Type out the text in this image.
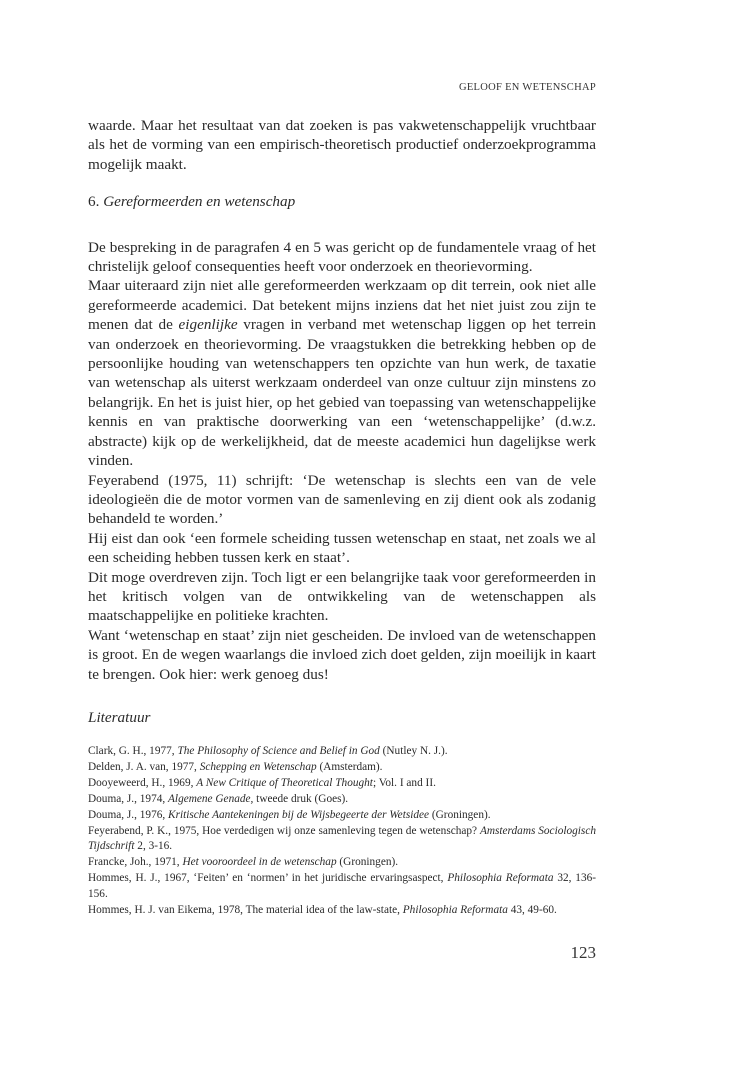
GELOOF EN WETENSCHAP

waarde. Maar het resultaat van dat zoeken is pas vakwetenschappelijk vruchtbaar als het de vorming van een empirisch-theoretisch productief onderzoekprogramma mogelijk maakt.

6. Gereformeerden en wetenschap

De bespreking in de paragrafen 4 en 5 was gericht op de fundamentele vraag of het christelijk geloof consequenties heeft voor onderzoek en theorievorming.

Maar uiteraard zijn niet alle gereformeerden werkzaam op dit terrein, ook niet alle gereformeerde academici. Dat betekent mijns inziens dat het niet juist zou zijn te menen dat de eigenlijke vragen in verband met wetenschap liggen op het terrein van onderzoek en theorievorming. De vraagstukken die betrekking hebben op de persoonlijke houding van wetenschappers ten opzichte van hun werk, de taxatie van wetenschap als uiterst werkzaam onderdeel van onze cultuur zijn minstens zo belangrijk. En het is juist hier, op het gebied van toepassing van wetenschappelijke kennis en van praktische doorwerking van een ‘wetenschappelijke’ (d.w.z. abstracte) kijk op de werkelijkheid, dat de meeste academici hun dagelijkse werk vinden.

Feyerabend (1975, 11) schrijft: ‘De wetenschap is slechts een van de vele ideologieën die de motor vormen van de samenleving en zij dient ook als zodanig behandeld te worden.’

Hij eist dan ook ‘een formele scheiding tussen wetenschap en staat, net zoals we al een scheiding hebben tussen kerk en staat’.

Dit moge overdreven zijn. Toch ligt er een belangrijke taak voor gereformeerden in het kritisch volgen van de ontwikkeling van de wetenschappen als maatschappelijke en politieke krachten.

Want ‘wetenschap en staat’ zijn niet gescheiden. De invloed van de wetenschappen is groot. En de wegen waarlangs die invloed zich doet gelden, zijn moeilijk in kaart te brengen. Ook hier: werk genoeg dus!

Literatuur

Clark, G. H., 1977, The Philosophy of Science and Belief in God (Nutley N. J.).

Delden, J. A. van, 1977, Schepping en Wetenschap (Amsterdam).

Dooyeweerd, H., 1969, A New Critique of Theoretical Thought; Vol. I and II.

Douma, J., 1974, Algemene Genade, tweede druk (Goes).

Douma, J., 1976, Kritische Aantekeningen bij de Wijsbegeerte der Wetsidee (Groningen).

Feyerabend, P. K., 1975, Hoe verdedigen wij onze samenleving tegen de wetenschap? Amsterdams Sociologisch Tijdschrift 2, 3-16.

Francke, Joh., 1971, Het vooroordeel in de wetenschap (Groningen).

Hommes, H. J., 1967, ‘Feiten’ en ‘normen’ in het juridische ervaringsaspect, Philosophia Reformata 32, 136-156.

Hommes, H. J. van Eikema, 1978, The material idea of the law-state, Philosophia Reformata 43, 49-60.

123
